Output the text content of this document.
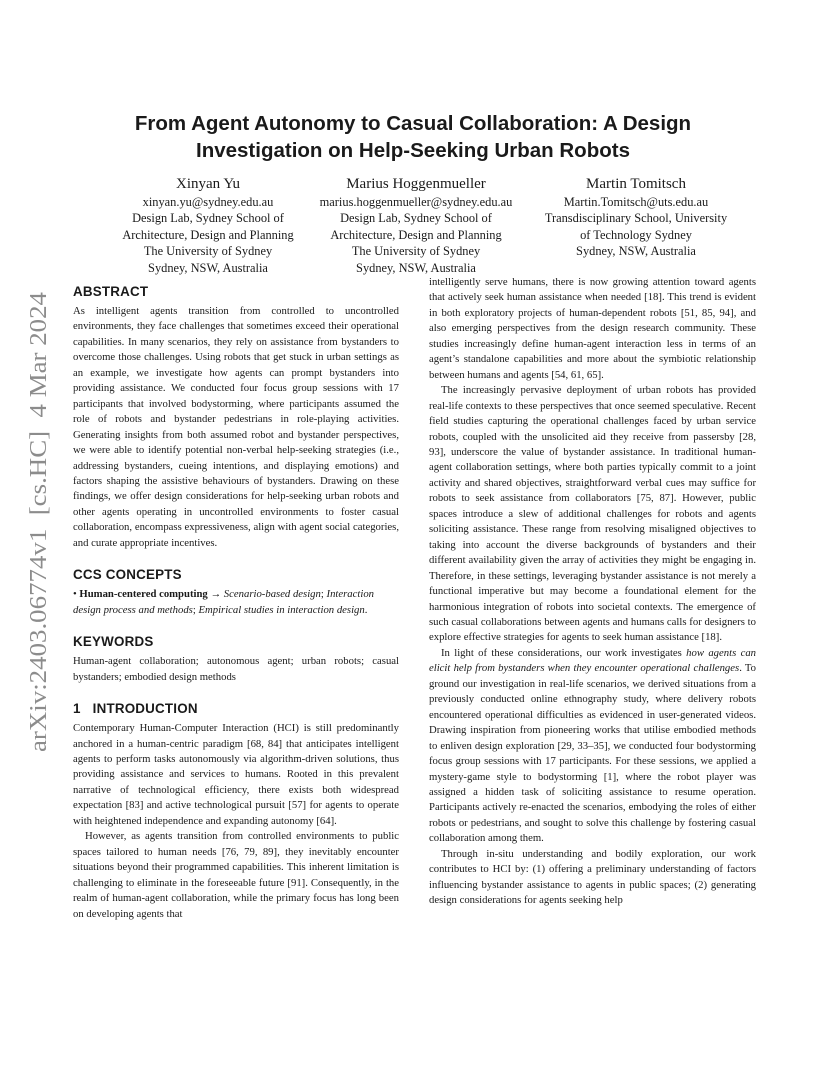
arXiv:2403.06774v1  [cs.HC]  4 Mar 2024
From Agent Autonomy to Casual Collaboration: A Design
Investigation on Help-Seeking Urban Robots
Xinyan Yu
xinyan.yu@sydney.edu.au
Design Lab, Sydney School of
Architecture, Design and Planning
The University of Sydney
Sydney, NSW, Australia
Marius Hoggenmueller
marius.hoggenmueller@sydney.edu.au
Design Lab, Sydney School of
Architecture, Design and Planning
The University of Sydney
Sydney, NSW, Australia
Martin Tomitsch
Martin.Tomitsch@uts.edu.au
Transdisciplinary School, University
of Technology Sydney
Sydney, NSW, Australia
ABSTRACT

As intelligent agents transition from controlled to uncontrolled environments, they face challenges that sometimes exceed their operational capabilities. In many scenarios, they rely on assistance from bystanders to overcome those challenges. Using robots that get stuck in urban settings as an example, we investigate how agents can prompt bystanders into providing assistance. We conducted four focus group sessions with 17 participants that involved bodystorming, where participants assumed the role of robots and bystander pedestrians in role-playing activities. Generating insights from both assumed robot and bystander perspectives, we were able to identify potential non-verbal help-seeking strategies (i.e., addressing bystanders, cueing intentions, and displaying emotions) and factors shaping the assistive behaviours of bystanders. Drawing on these findings, we offer design considerations for help-seeking urban robots and other agents operating in uncontrolled environments to foster casual collaboration, encompass expressiveness, align with agent social categories, and curate appropriate incentives.

CCS CONCEPTS

• Human-centered computing → Scenario-based design; Interaction design process and methods; Empirical studies in interaction design.

KEYWORDS

Human-agent collaboration; autonomous agent; urban robots; casual bystanders; embodied design methods

1 INTRODUCTION

Contemporary Human-Computer Interaction (HCI) is still predominantly anchored in a human-centric paradigm [68, 84] that anticipates intelligent agents to perform tasks autonomously via algorithm-driven solutions, thus providing assistance and services to humans. Rooted in this prevalent narrative of technological efficiency, there exists both widespread expectation [83] and active technological pursuit [57] for agents to operate with heightened independence and expanding autonomy [64].

However, as agents transition from controlled environments to public spaces tailored to human needs [76, 79, 89], they inevitably encounter situations beyond their programmed capabilities. This inherent limitation is challenging to eliminate in the foreseeable future [91]. Consequently, in the realm of human-agent collaboration, while the primary focus has long been on developing agents that

intelligently serve humans, there is now growing attention toward agents that actively seek human assistance when needed [18]. This trend is evident in both exploratory projects of human-dependent robots [51, 85, 94], and also emerging perspectives from the design research community. These studies increasingly define human-agent interaction less in terms of an agent’s standalone capabilities and more about the symbiotic relationship between humans and agents [54, 61, 65].

The increasingly pervasive deployment of urban robots has provided real-life contexts to these perspectives that once seemed speculative. Recent field studies capturing the operational challenges faced by urban service robots, coupled with the unsolicited aid they receive from passersby [28, 93], underscore the value of bystander assistance. In traditional human-agent collaboration settings, where both parties typically commit to a joint activity and shared objectives, straightforward verbal cues may suffice for robots to seek assistance from collaborators [75, 87]. However, public spaces introduce a slew of additional challenges for robots and agents soliciting assistance. These range from resolving misaligned objectives to taking into account the diverse backgrounds of bystanders and their different availability given the array of activities they might be engaging in. Therefore, in these settings, leveraging bystander assistance is not merely a functional imperative but may become a foundational element for the harmonious integration of robots into societal contexts. The emergence of such casual collaborations between agents and humans calls for designers to explore effective strategies for agents to seek human assistance [18].

In light of these considerations, our work investigates how agents can elicit help from bystanders when they encounter operational challenges. To ground our investigation in real-life scenarios, we derived situations from a previously conducted online ethnography study, where delivery robots encountered operational difficulties as evidenced in user-generated videos. Drawing inspiration from pioneering works that utilise embodied methods to enliven design exploration [29, 33–35], we conducted four bodystorming focus group sessions with 17 participants. For these sessions, we applied a mystery-game style to bodystorming [1], where the robot player was assigned a hidden task of soliciting assistance to resume operation. Participants actively re-enacted the scenarios, embodying the roles of either robots or pedestrians, and sought to solve this challenge by fostering casual collaboration among them.

Through in-situ understanding and bodily exploration, our work contributes to HCI by: (1) offering a preliminary understanding of factors influencing bystander assistance to agents in public spaces; (2) generating design considerations for agents seeking help
